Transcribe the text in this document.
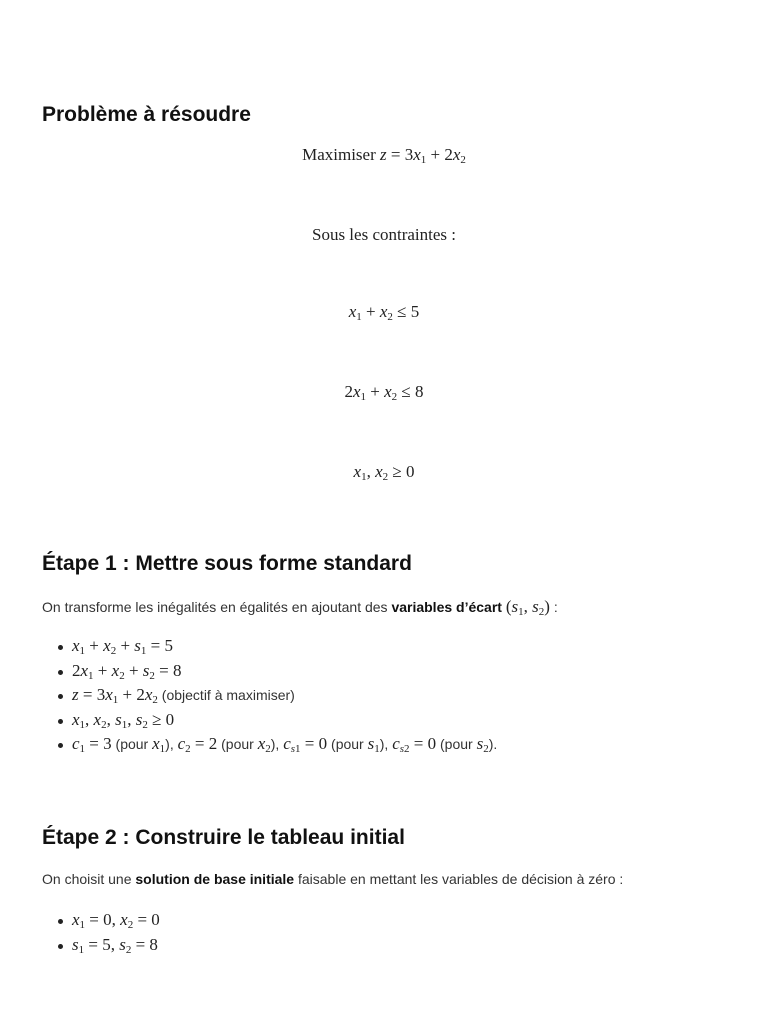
Problème à résoudre
Maximiser $z = 3x_1 + 2x_2$
Sous les contraintes :
$x_1 + x_2 \le 5$
$2x_1 + x_2 \le 8$
$x_1$, $x_2 \ge 0$
Étape 1 : Mettre sous forme standard

On transforme les inégalités en égalités en ajoutant des variables d’écart ($s_1$, $s_2$) :

$x_1 + x_2 + s_1 = 5$
$2x_1 + x_2 + s_2 = 8$
$z = 3x_1 + 2x_2$ (objectif à maximiser)
$x_1$, $x_2$, $s_1$, $s_2 \ge 0$
$c_1 = 3$ (pour $x_1$), $c_2 = 2$ (pour $x_2$), $c_{s1} = 0$ (pour $s_1$), $c_{s2} = 0$ (pour $s_2$).
Étape 2 : Construire le tableau initial

On choisit une solution de base initiale faisable en mettant les variables de décision à zéro :

$x_1 = 0$, $x_2 = 0$
$s_1 = 5$, $s_2 = 8$
